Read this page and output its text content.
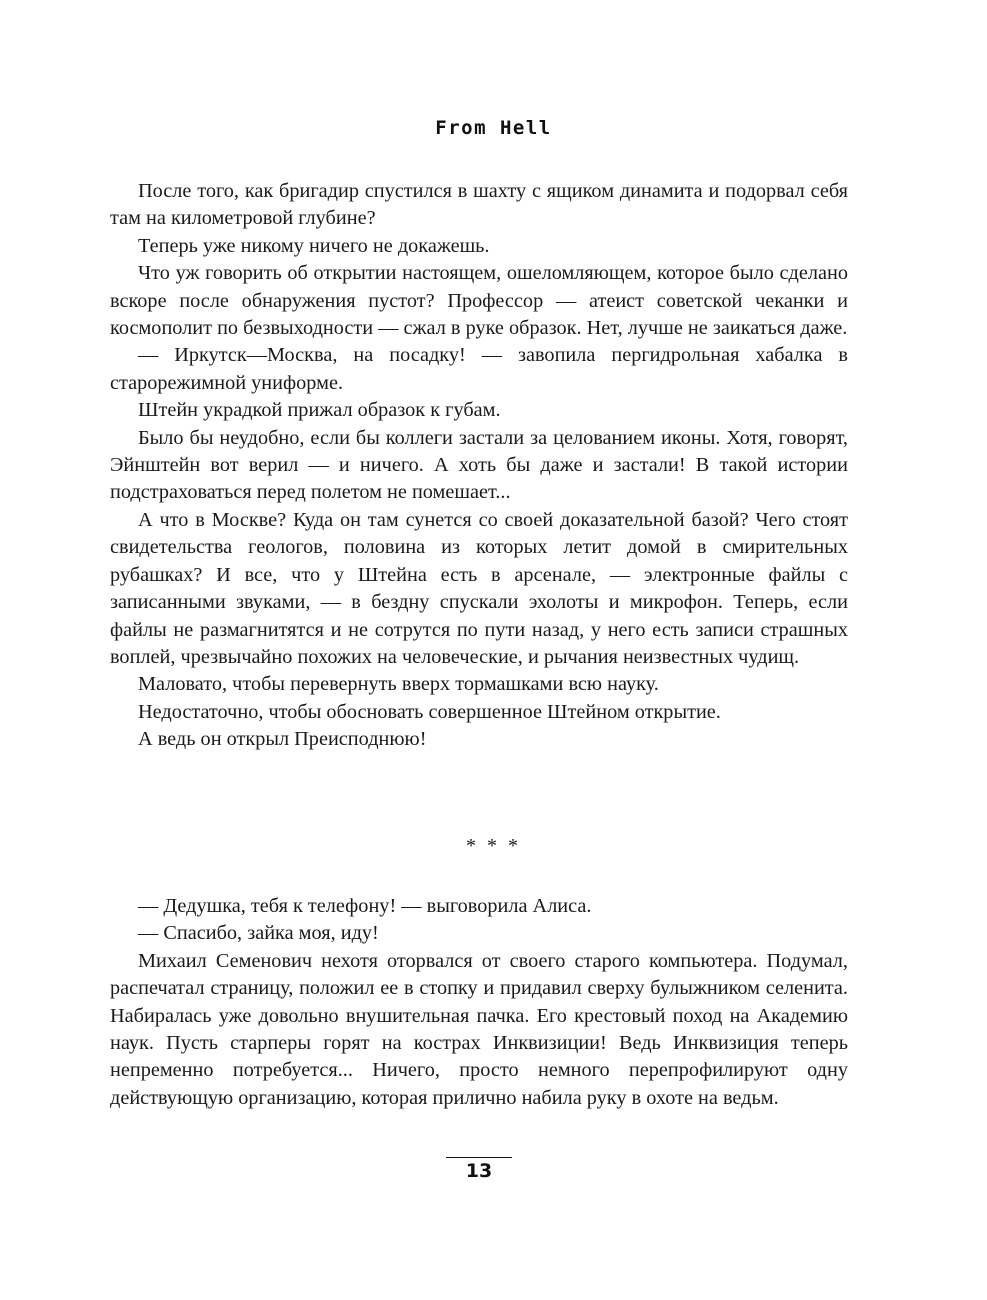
From Hell

После того, как бригадир спустился в шахту с ящиком динамита и подорвал себя там на километровой глубине?

Теперь уже никому ничего не докажешь.

Что уж говорить об открытии настоящем, ошеломляющем, которое было сделано вскоре после обнаружения пустот? Профессор — атеист советской чеканки и космополит по безвыходности — сжал в руке образок. Нет, лучше не заикаться даже.

— Иркутск—Москва, на посадку! — завопила пергидрольная хабалка в старорежимной униформе.

Штейн украдкой прижал образок к губам.

Было бы неудобно, если бы коллеги застали за целованием иконы. Хотя, говорят, Эйнштейн вот верил — и ничего. А хоть бы даже и застали! В такой истории подстраховаться перед полетом не помешает...

А что в Москве? Куда он там сунется со своей доказательной базой? Чего стоят свидетельства геологов, половина из которых летит домой в смирительных рубашках? И все, что у Штейна есть в арсенале, — электронные файлы с записанными звуками, — в бездну спускали эхолоты и микрофон. Теперь, если файлы не размагнитятся и не сотрутся по пути назад, у него есть записи страшных воплей, чрезвычайно похожих на человеческие, и рычания неизвестных чудищ.

Маловато, чтобы перевернуть вверх тормашками всю науку.

Недостаточно, чтобы обосновать совершенное Штейном открытие.

А ведь он открыл Преисподнюю!

* * *

— Дедушка, тебя к телефону! — выговорила Алиса.

— Спасибо, зайка моя, иду!

Михаил Семенович нехотя оторвался от своего старого компьютера. Подумал, распечатал страницу, положил ее в стопку и придавил сверху булыжником селенита. Набиралась уже довольно внушительная пачка. Его крестовый поход на Академию наук. Пусть старперы горят на кострах Инквизиции! Ведь Инквизиция теперь непременно потребуется... Ничего, просто немного перепрофилируют одну действующую организацию, которая прилично набила руку в охоте на ведьм.

13
